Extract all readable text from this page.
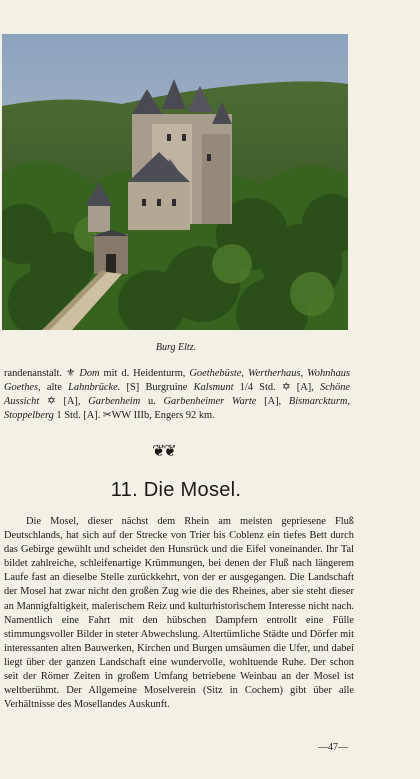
Burg Eltz.
randenanstalt. ⚜ Dom mit d. Heidenturm, Goethebüste, Wertherhaus, Wohnhaus Goethes, alte Lahnbrücke. [S] Burgruine Kalsmunt 1/4 Std. ✡ [A], Schöne Aussicht ✡ [A], Garbenheim u. Garbenheimer Warte [A], Bismarckturm, Stoppelberg 1 Std. [A]. ✂WW IIIb, Engers 92 km.
❦❦
11. Die Mosel.

Die Mosel, dieser nächst dem Rhein am meisten gepriesene Fluß Deutschlands, hat sich auf der Strecke von Trier bis Coblenz ein tiefes Bett durch das Gebirge gewühlt und scheidet den Hunsrück und die Eifel voneinander. Ihr Tal bildet zahlreiche, schleifenartige Krümmungen, bei denen der Fluß nach längerem Laufe fast an dieselbe Stelle zurückkehrt, von der er ausgegangen. Die Landschaft der Mosel hat zwar nicht den großen Zug wie die des Rheines, aber sie steht dieser an Mannigfaltigkeit, malerischem Reiz und kulturhistorischem Interesse nicht nach. Namentlich eine Fahrt mit den hübschen Dampfern entrollt eine Fülle stimmungsvoller Bilder in steter Abwechslung. Altertümliche Städte und Dörfer mit interessanten alten Bauwerken, Kirchen und Burgen umsäumen die Ufer, und dabei liegt über der ganzen Landschaft eine wundervolle, wohltuende Ruhe. Der schon seit der Römer Zeiten in großem Umfang betriebene Weinbau an der Mosel ist weltberühmt. Der Allgemeine Moselverein (Sitz in Cochem) gibt über alle Verhältnisse des Mosellandes Auskunft.

—47—
